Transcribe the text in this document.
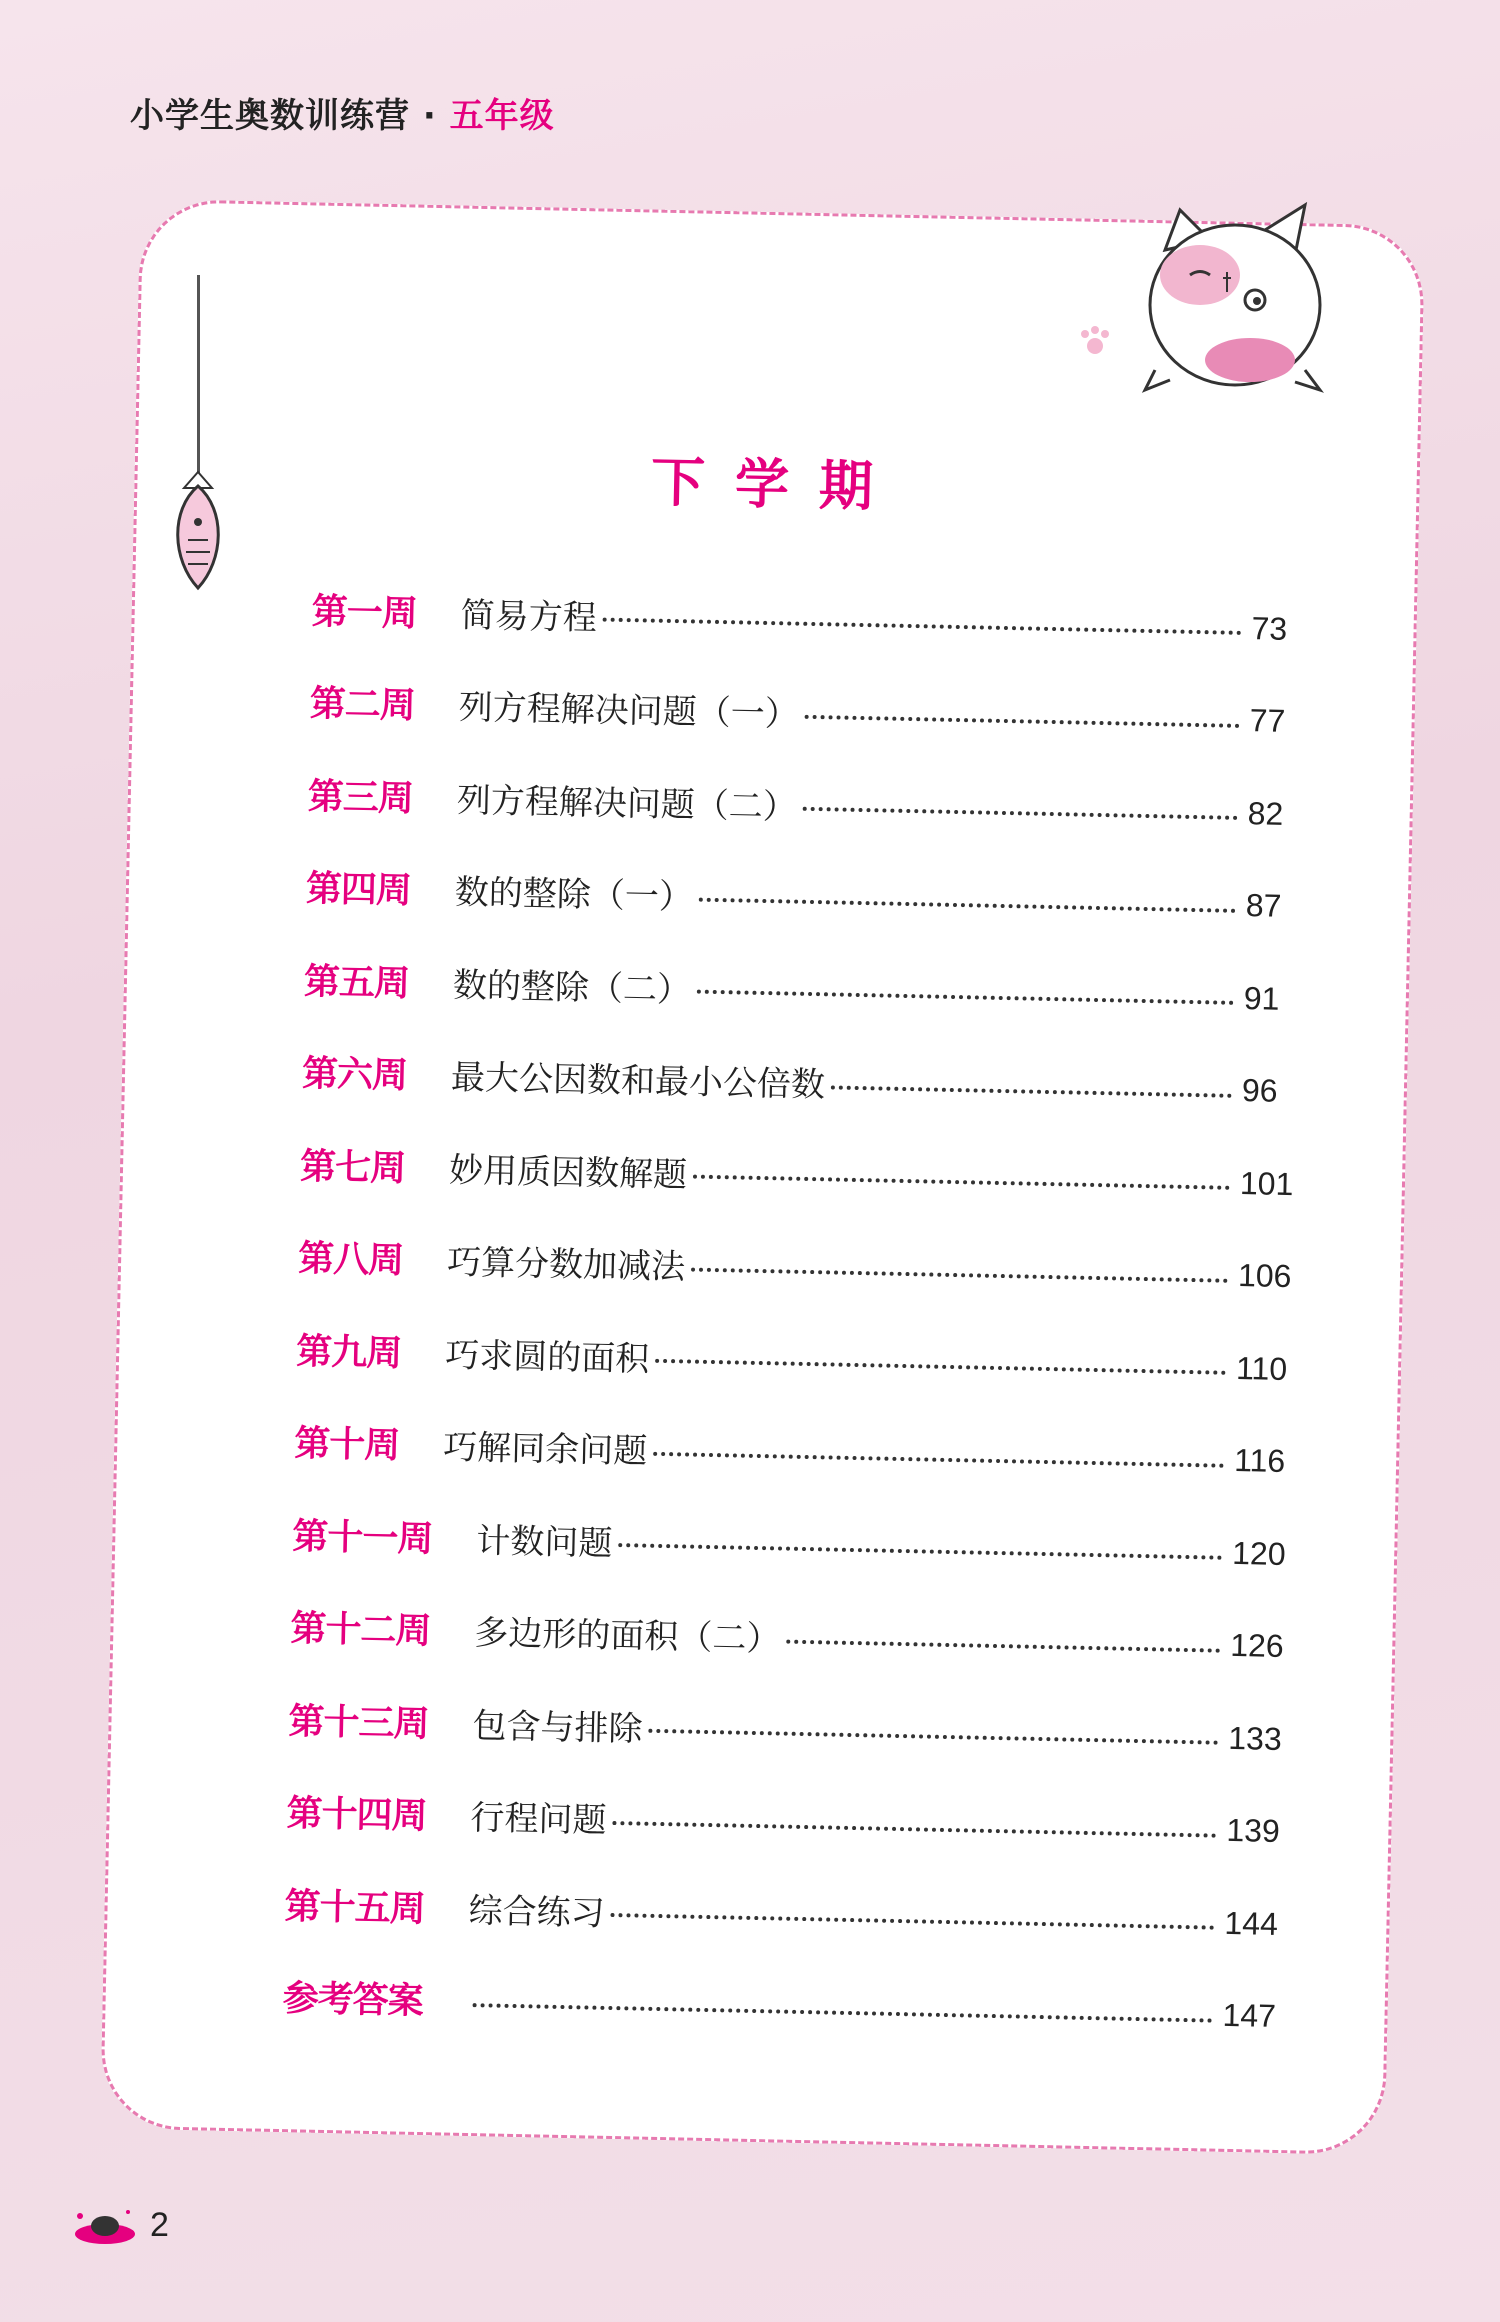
小学生奥数训练营 · 五年级
下学期
第一周 简易方程	73
第二周 列方程解决问题（一）	77
第三周 列方程解决问题（二）	82
第四周 数的整除（一）	87
第五周 数的整除（二）	91
第六周 最大公因数和最小公倍数	96
第七周 妙用质因数解题	101
第八周 巧算分数加减法	106
第九周 巧求圆的面积	110
第十周 巧解同余问题	116
第十一周 计数问题	120
第十二周 多边形的面积（二）	126
第十三周 包含与排除	133
第十四周 行程问题	139
第十五周 综合练习	144
参考答案	147
2
